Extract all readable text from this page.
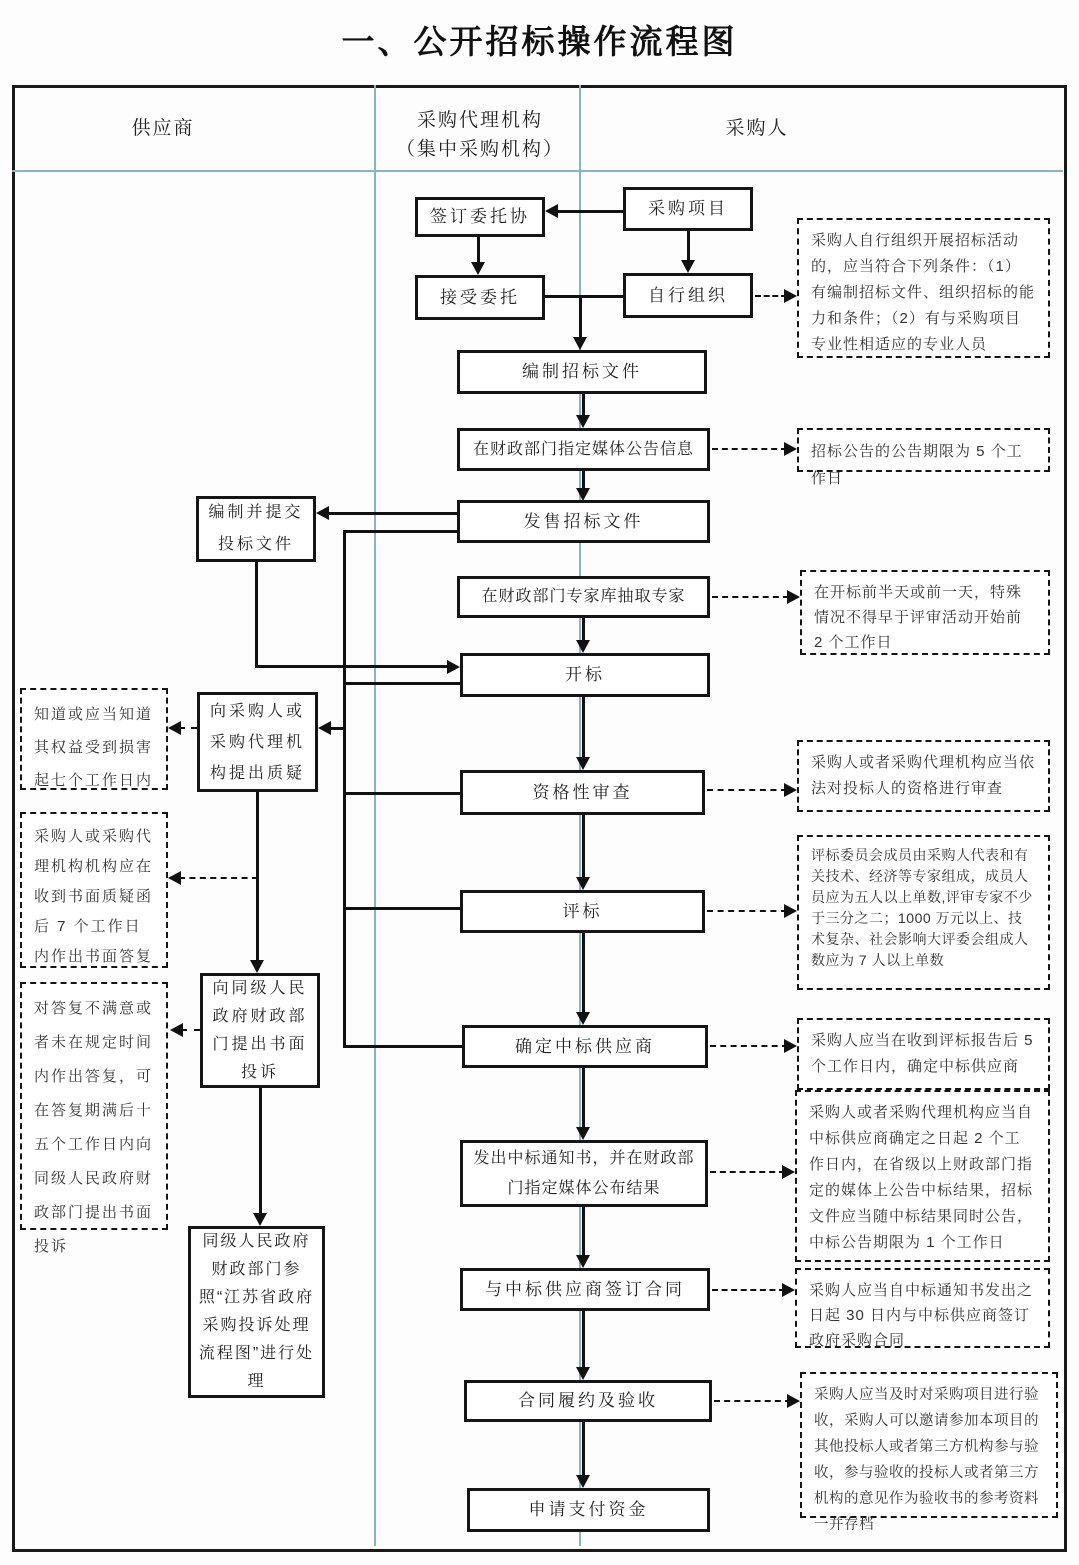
一、公开招标操作流程图
供应商	采购代理机构
（集中采购机构）
采购人
签订委托协	采购项目
接受委托	自行组织
编制招标文件
在财政部门指定媒体公告信息
发售招标文件
在财政部门专家库抽取专家
开标
资格性审查
评标
确定中标供应商
发出中标通知书，并在财政部门指定媒体公布结果
与中标供应商签订合同
合同履约及验收
申请支付资金
编制并提交投标文件
向采购人或采购代理机构提出质疑
向同级人民政府财政部门提出书面投诉
同级人民政府财政部门参照“江苏省政府采购投诉处理流程图”进行处理
采购人自行组织开展招标活动的，应当符合下列条件：（1）有编制招标文件、组织招标的能力和条件；（2）有与采购项目专业性相适应的专业人员
招标公告的公告期限为 5 个工作日
在开标前半天或前一天，特殊情况不得早于评审活动开始前 2 个工作日
采购人或者采购代理机构应当依法对投标人的资格进行审查
评标委员会成员由采购人代表和有关技术、经济等专家组成，成员人员应为五人以上单数,评审专家不少于三分之二；1000 万元以上、技术复杂、社会影响大评委会组成人数应为 7 人以上单数
采购人应当在收到评标报告后 5 个工作日内，确定中标供应商
采购人或者采购代理机构应当自中标供应商确定之日起 2 个工作日内，在省级以上财政部门指定的媒体上公告中标结果，招标文件应当随中标结果同时公告，中标公告期限为 1 个工作日
采购人应当自中标通知书发出之日起 30 日内与中标供应商签订政府采购合同
采购人应当及时对采购项目进行验收，采购人可以邀请参加本项目的其他投标人或者第三方机构参与验收，参与验收的投标人或者第三方机构的意见作为验收书的参考资料一并存档
知道或应当知道其权益受到损害起七个工作日内
采购人或采购代理机构机构应在收到书面质疑函后 7 个工作日内作出书面答复
对答复不满意或者未在规定时间内作出答复，可在答复期满后十五个工作日内向同级人民政府财政部门提出书面投诉
